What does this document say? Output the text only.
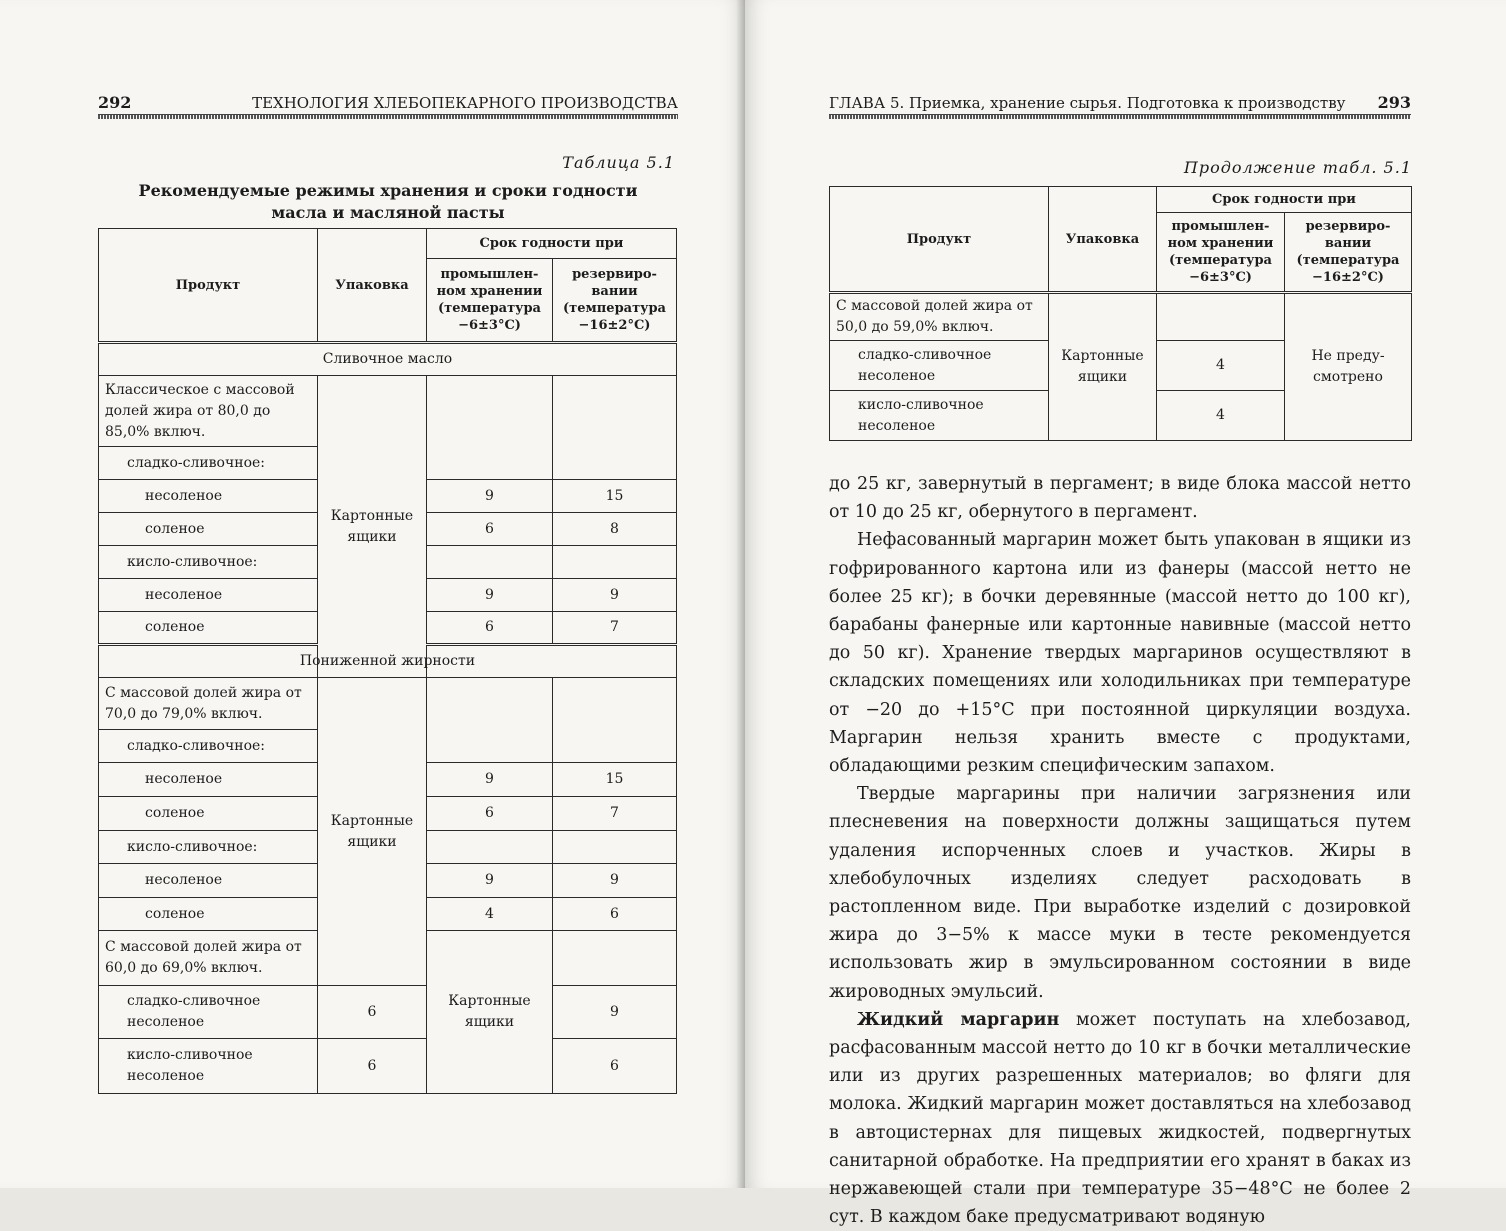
292	ТЕХНОЛОГИЯ ХЛЕБОПЕКАРНОГО ПРОИЗВОДСТВА
Таблица 5.1
Рекомендуемые режимы хранения и сроки годности
масла и масляной пасты
Продукт	Упаковка	Срок годности при		
		промышлен-ном хранении (температура −6±3°C)	резервиро-вании (температура −16±2°C)	
Сливочное масло				
Классическое с массовой долей жира от 80,0 до 85,0% включ.	Картонные ящики			
сладко-сливочное:				
несоленое		9	15	
соленое		6	8	
кисло-сливочное:				
несоленое		9	9	
соленое		6	7	
Пониженной жирности				
С массовой долей жира от 70,0 до 79,0% включ.	Картонные ящики			
сладко-сливочное:				
несоленое		9	15	
соленое		6	7	
кисло-сливочное:				
несоленое		9	9	
соленое		4	6	
С массовой долей жира от 60,0 до 69,0% включ.		Картонные ящики		
сладко-сливочное несоленое	6		9	
кисло-сливочное несоленое	6		6	
ГЛАВА 5. Приемка, хранение сырья. Подготовка к производству 293
Продолжение табл. 5.1
Продукт	Упаковка	Срок годности при	
		промышлен-ном хранении (температура −6±3°C)	резервиро-вании (температура −16±2°C)
С массовой долей жира от 50,0 до 59,0% включ.	Картонные ящики		Не преду-смотрено
сладко-сливочное несоленое		4	
кисло-сливочное несоленое		4	

до 25 кг, завернутый в пергамент; в виде блока массой нетто от 10 до 25 кг, обернутого в пергамент.

Нефасованный маргарин может быть упакован в ящики из гофрированного картона или из фанеры (массой нетто не более 25 кг); в бочки деревянные (массой нетто до 100 кг), барабаны фанерные или картонные навивные (массой нетто до 50 кг). Хранение твердых маргаринов осуществляют в складских помещениях или холодильниках при температуре от −20 до +15°C при постоянной циркуляции воздуха. Маргарин нельзя хранить вместе с продуктами, обладающими резким специфическим запахом.

Твердые маргарины при наличии загрязнения или плесневения на поверхности должны защищаться путем удаления испорченных слоев и участков. Жиры в хлебобулочных изделиях следует расходовать в растопленном виде. При выработке изделий с дозировкой жира до 3−5% к массе муки в тесте рекомендуется использовать жир в эмульсированном состоянии в виде жироводных эмульсий.

Жидкий маргарин может поступать на хлебозавод, расфасованным массой нетто до 10 кг в бочки металлические или из других разрешенных материалов; во фляги для молока. Жидкий маргарин может доставляться на хлебозавод в автоцистернах для пищевых жидкостей, подвергнутых санитарной обработке. На предприятии его хранят в баках из нержавеющей стали при температуре 35−48°C не более 2 сут. В каждом баке предусматривают водяную
